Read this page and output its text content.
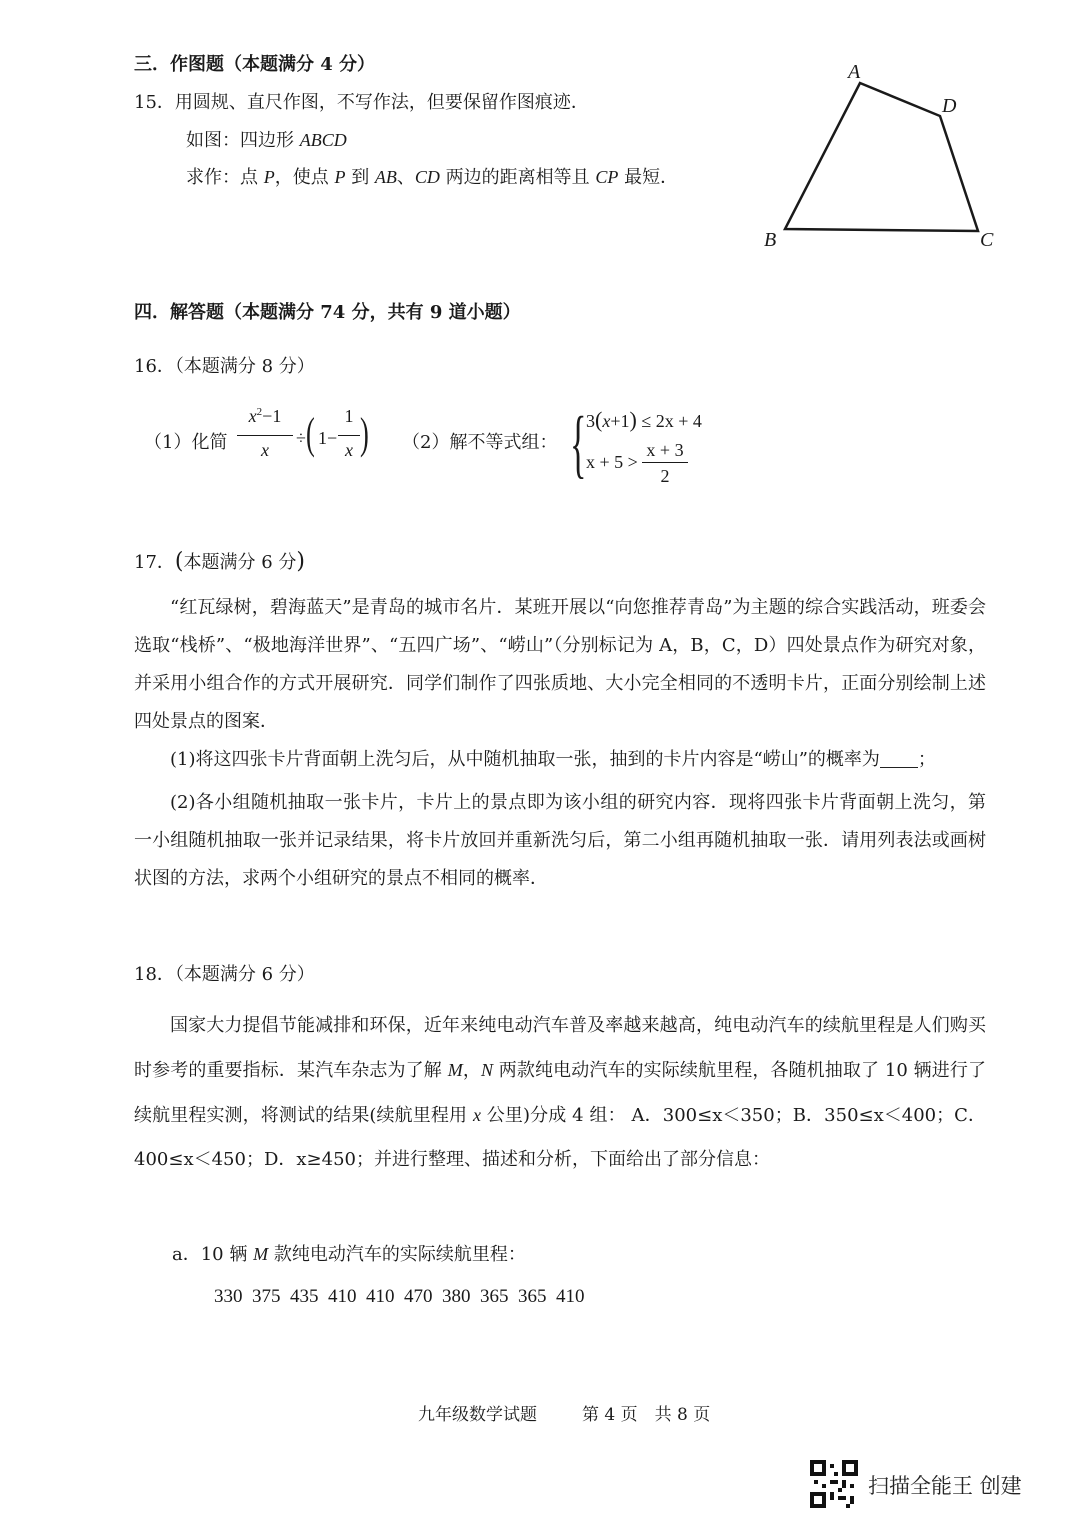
三．作图题（本题满分 4 分）
15．用圆规、直尺作图，不写作法，但要保留作图痕迹．
如图：四边形 ABCD
求作：点 P，使点 P 到 AB、CD 两边的距离相等且 CP 最短．
A
D
B	C
四．解答题（本题满分 74 分，共有 9 道小题）
16．（本题满分 8 分）
（1）化简
$x^2-1$
x
÷ ( 1−
1
x ) （2）解不等式组： { 3(x+1) ≤ 2x + 4
x + 5 >
x + 3
2
17．(本题满分 6 分)
“红瓦绿树，碧海蓝天”是青岛的城市名片．某班开展以“向您推荐青岛”为主题的综合实践活动，班委会选取“栈桥”、“极地海洋世界”、“五四广场”、“崂山”（分别标记为 A，B，C，D）四处景点作为研究对象，并采用小组合作的方式开展研究．同学们制作了四张质地、大小完全相同的不透明卡片，正面分别绘制上述四处景点的图案．
(1)将这四张卡片背面朝上洗匀后，从中随机抽取一张，抽到的卡片内容是“崂山”的概率为 ；
(2)各小组随机抽取一张卡片，卡片上的景点即为该小组的研究内容．现将四张卡片背面朝上洗匀，第一小组随机抽取一张并记录结果，将卡片放回并重新洗匀后，第二小组再随机抽取一张．请用列表法或画树状图的方法，求两个小组研究的景点不相同的概率．
18．（本题满分 6 分）
国家大力提倡节能减排和环保，近年来纯电动汽车普及率越来越高，纯电动汽车的续航里程是人们购买时参考的重要指标．某汽车杂志为了解 M，N 两款纯电动汽车的实际续航里程，各随机抽取了 10 辆进行了续航里程实测，将测试的结果(续航里程用 x 公里)分成 4 组： A．300≤x＜350；B．350≤x＜400；C．400≤x＜450；D．x≥450；并进行整理、描述和分析，下面给出了部分信息：
a．10 辆 M 款纯电动汽车的实际续航里程：
330  375  435  410  410  470  380  365  365  410
九年级数学试题	第 4 页　共 8 页
扫描全能王 创建
